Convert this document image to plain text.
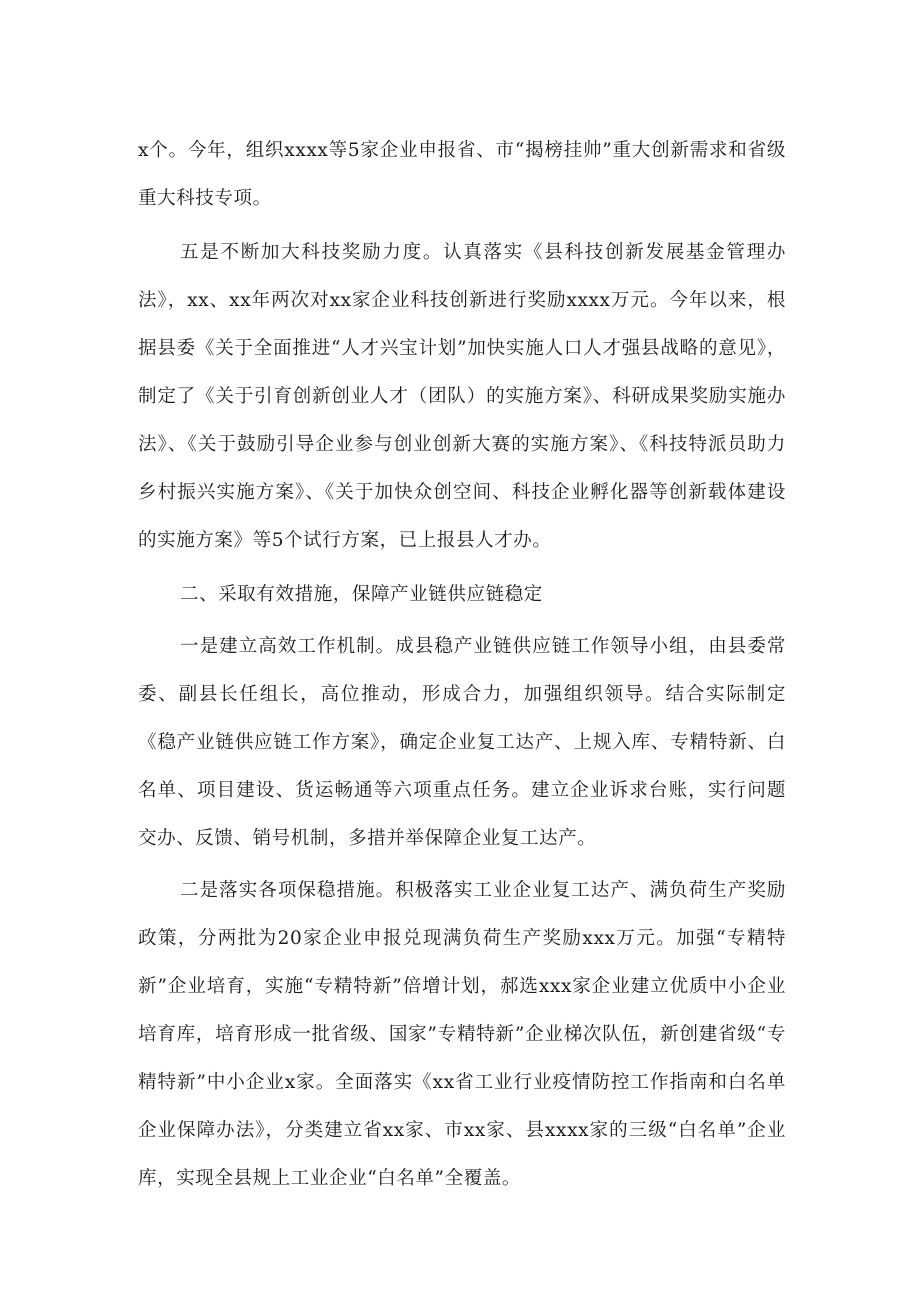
x个。今年，组织xxxx等5家企业申报省、市“揭榜挂帅”重大创新需求和省级重大科技专项。

五是不断加大科技奖励力度。认真落实《县科技创新发展基金管理办法》，xx、xx年两次对xx家企业科技创新进行奖励xxxx万元。今年以来，根据县委《关于全面推进“人才兴宝计划”加快实施人口人才强县战略的意见》，制定了《关于引育创新创业人才（团队）的实施方案》、科研成果奖励实施办法》、《关于鼓励引导企业参与创业创新大赛的实施方案》、《科技特派员助力乡村振兴实施方案》、《关于加快众创空间、科技企业孵化器等创新载体建设的实施方案》等5个试行方案，已上报县人才办。

二、采取有效措施，保障产业链供应链稳定

一是建立高效工作机制。成县稳产业链供应链工作领导小组，由县委常委、副县长任组长，高位推动，形成合力，加强组织领导。结合实际制定《稳产业链供应链工作方案》，确定企业复工达产、上规入库、专精特新、白名单、项目建设、货运畅通等六项重点任务。建立企业诉求台账，实行问题交办、反馈、销号机制，多措并举保障企业复工达产。

二是落实各项保稳措施。积极落实工业企业复工达产、满负荷生产奖励政策，分两批为20家企业申报兑现满负荷生产奖励xxx万元。加强“专精特新”企业培育，实施“专精特新”倍增计划，郝选xxx家企业建立优质中小企业培育库，培育形成一批省级、国家”专精特新”企业梯次队伍，新创建省级“专精特新”中小企业x家。全面落实《xx省工业行业疫情防控工作指南和白名单企业保障办法》，分类建立省xx家、市xx家、县xxxx家的三级“白名单”企业库，实现全县规上工业企业“白名单”全覆盖。
